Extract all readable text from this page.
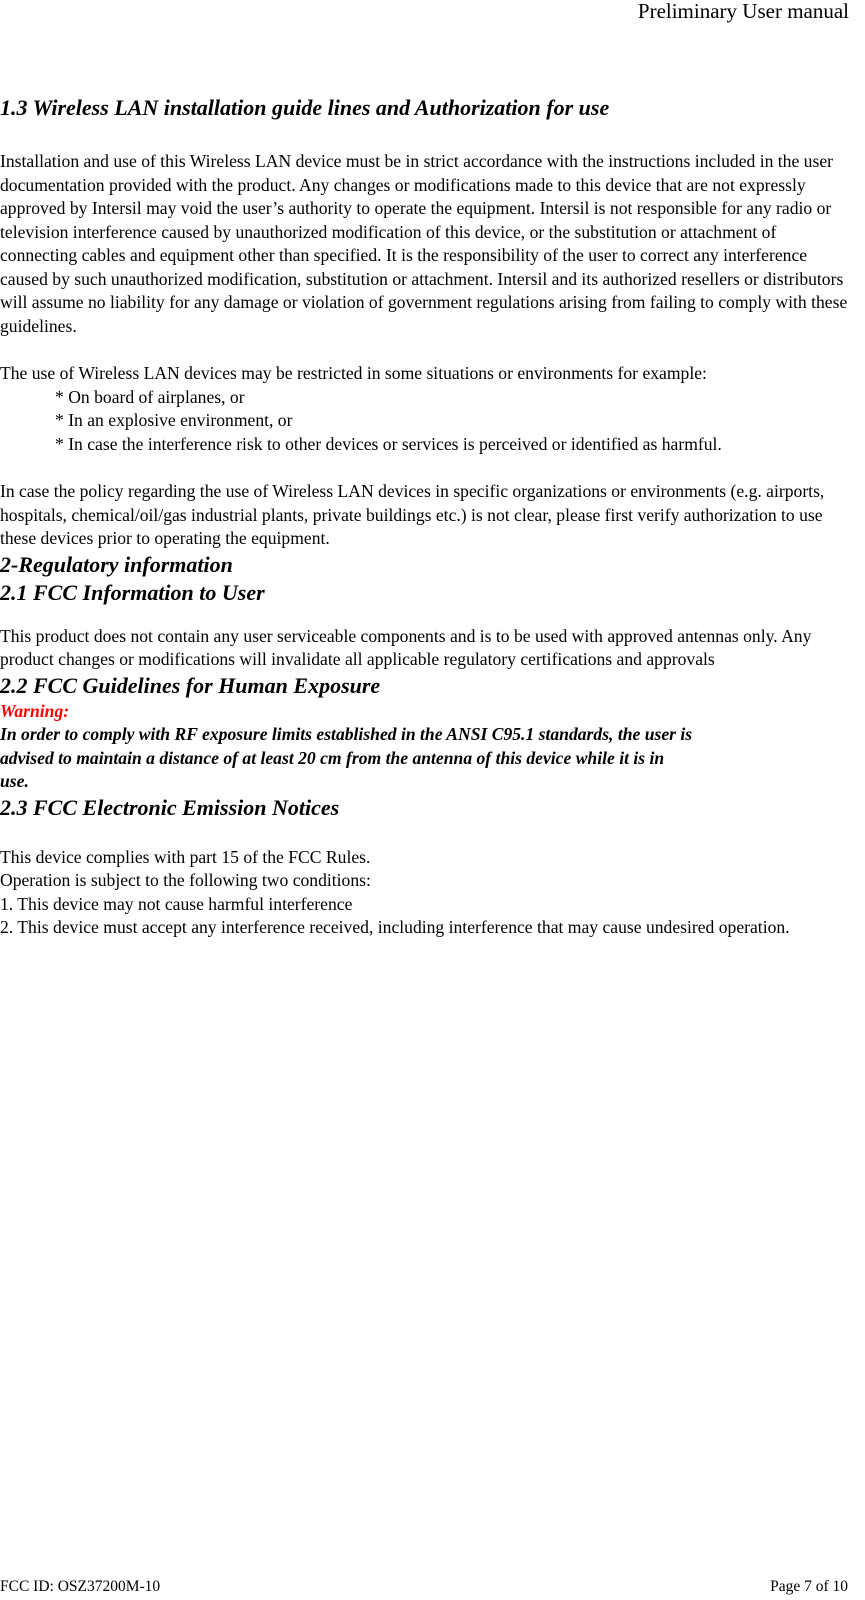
Preliminary User manual
1.3 Wireless LAN installation guide lines and Authorization for use

Installation and use of this Wireless LAN device must be in strict accordance with the instructions included in the user documentation provided with the product. Any changes or modifications made to this device that are not expressly approved by Intersil may void the user’s authority to operate the equipment. Intersil is not responsible for any radio or television interference caused by unauthorized modification of this device, or the substitution or attachment of connecting cables and equipment other than specified. It is the responsibility of the user to correct any interference caused by such unauthorized modification, substitution or attachment. Intersil and its authorized resellers or distributors will assume no liability for any damage or violation of government regulations arising from failing to comply with these guidelines.

The use of Wireless LAN devices may be restricted in some situations or environments for example:

* On board of airplanes, or
* In an explosive environment, or
* In case the interference risk to other devices or services is perceived or identified as harmful.

In case the policy regarding the use of Wireless LAN devices in specific organizations or environments (e.g. airports, hospitals, chemical/oil/gas industrial plants, private buildings etc.) is not clear, please first verify authorization to use these devices prior to operating the equipment.

2-Regulatory information
2.1 FCC Information to User

This product does not contain any user serviceable components and is to be used with approved antennas only. Any product changes or modifications will invalidate all applicable regulatory certifications and approvals

2.2 FCC Guidelines for Human Exposure

Warning:

In order to comply with RF exposure limits established in the ANSI C95.1 standards, the user is

advised to maintain a distance of at least 20 cm from the antenna of this device while it is in

use.

2.3 FCC Electronic Emission Notices

This device complies with part 15 of the FCC Rules.

Operation is subject to the following two conditions:

1. This device may not cause harmful interference

2. This device must accept any interference received, including interference that may cause undesired operation.

FCC ID: OSZ37200M-10	Page 7 of 10
